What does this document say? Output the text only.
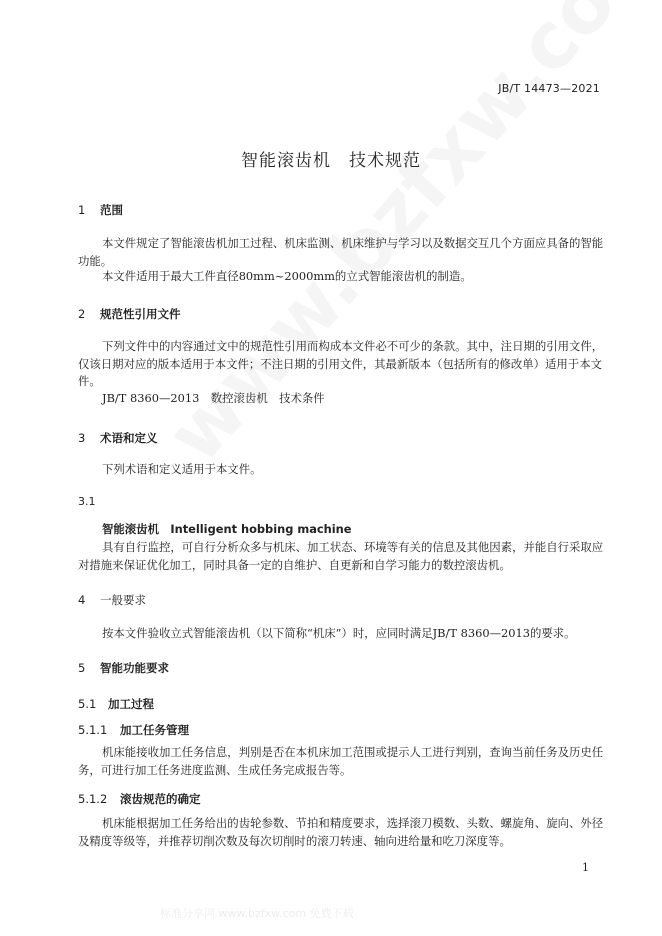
JB/T 14473—2021
智能滚齿机　技术规范
1 范围
本文件规定了智能滚齿机加工过程、机床监测、机床维护与学习以及数据交互几个方面应具备的智能功能。
本文件适用于最大工件直径80mm~2000mm的立式智能滚齿机的制造。
2 规范性引用文件
下列文件中的内容通过文中的规范性引用而构成本文件必不可少的条款。其中，注日期的引用文件，仅该日期对应的版本适用于本文件；不注日期的引用文件，其最新版本（包括所有的修改单）适用于本文件。
JB/T 8360—2013　数控滚齿机　技术条件
3 术语和定义
下列术语和定义适用于本文件。
3.1
智能滚齿机　Intelligent hobbing machine
具有自行监控，可自行分析众多与机床、加工状态、环境等有关的信息及其他因素，并能自行采取应对措施来保证优化加工，同时具备一定的自维护、自更新和自学习能力的数控滚齿机。
4 一般要求
按本文件验收立式智能滚齿机（以下简称“机床”）时，应同时满足JB/T 8360—2013的要求。
5 智能功能要求
5.1 加工过程
5.1.1 加工任务管理
机床能接收加工任务信息，判别是否在本机床加工范围或提示人工进行判别，查询当前任务及历史任务，可进行加工任务进度监测、生成任务完成报告等。
5.1.2 滚齿规范的确定
机床能根据加工任务给出的齿轮参数、节拍和精度要求，选择滚刀模数、头数、螺旋角、旋向、外径及精度等级等，并推荐切削次数及每次切削时的滚刀转速、轴向进给量和吃刀深度等。
1
标准分享网 www.bzfxw.com 免费下载
